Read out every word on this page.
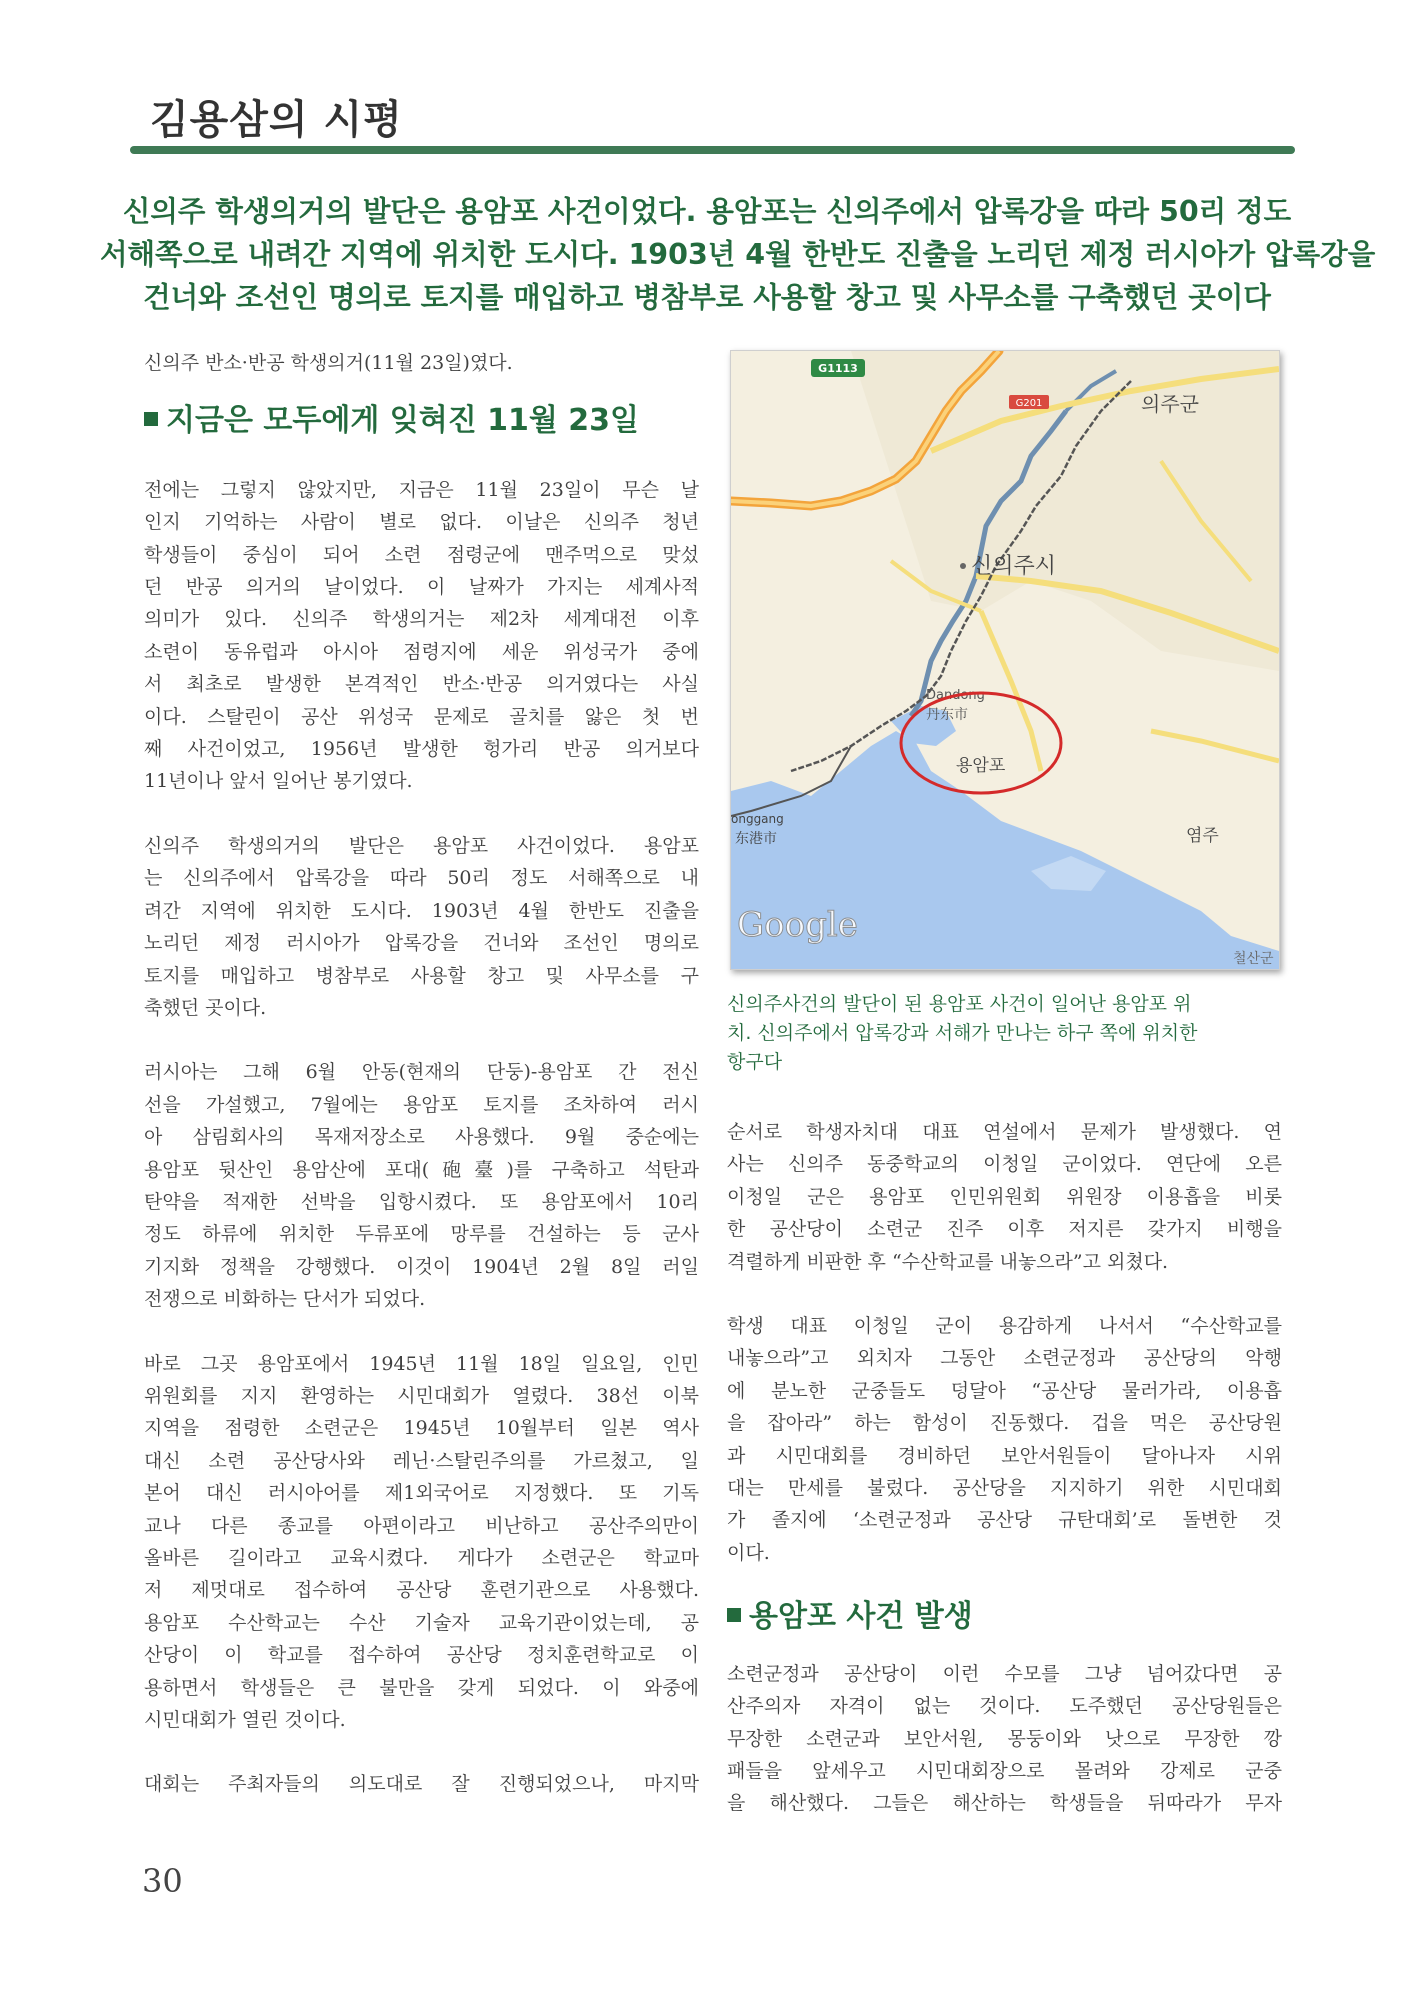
김용삼의 시평
신의주 학생의거의 발단은 용암포 사건이었다. 용암포는 신의주에서 압록강을 따라 50리 정도
서해쪽으로 내려간 지역에 위치한 도시다. 1903년 4월 한반도 진출을 노리던 제정 러시아가 압록강을
건너와 조선인 명의로 토지를 매입하고 병참부로 사용할 창고 및 사무소를 구축했던 곳이다

신의주 반소·반공 학생의거(11월 23일)였다.

지금은 모두에게 잊혀진 11월 23일

전에는 그렇지 않았지만, 지금은 11월 23일이 무슨 날
인지 기억하는 사람이 별로 없다. 이날은 신의주 청년
학생들이 중심이 되어 소련 점령군에 맨주먹으로 맞섰
던 반공 의거의 날이었다. 이 날짜가 가지는 세계사적
의미가 있다. 신의주 학생의거는 제2차 세계대전 이후
소련이 동유럽과 아시아 점령지에 세운 위성국가 중에
서 최초로 발생한 본격적인 반소·반공 의거였다는 사실
이다. 스탈린이 공산 위성국 문제로 골치를 앓은 첫 번
째 사건이었고, 1956년 발생한 헝가리 반공 의거보다
11년이나 앞서 일어난 봉기였다.

신의주 학생의거의 발단은 용암포 사건이었다. 용암포
는 신의주에서 압록강을 따라 50리 정도 서해쪽으로 내
려간 지역에 위치한 도시다. 1903년 4월 한반도 진출을
노리던 제정 러시아가 압록강을 건너와 조선인 명의로
토지를 매입하고 병참부로 사용할 창고 및 사무소를 구
축했던 곳이다.

러시아는 그해 6월 안동(현재의 단둥)-용암포 간 전신
선을 가설했고, 7월에는 용암포 토지를 조차하여 러시
아 삼림회사의 목재저장소로 사용했다. 9월 중순에는
용암포 뒷산인 용암산에 포대(砲臺)를 구축하고 석탄과
탄약을 적재한 선박을 입항시켰다. 또 용암포에서 10리
정도 하류에 위치한 두류포에 망루를 건설하는 등 군사
기지화 정책을 강행했다. 이것이 1904년 2월 8일 러일
전쟁으로 비화하는 단서가 되었다.

바로 그곳 용암포에서 1945년 11월 18일 일요일, 인민
위원회를 지지 환영하는 시민대회가 열렸다. 38선 이북
지역을 점령한 소련군은 1945년 10월부터 일본 역사
대신 소련 공산당사와 레닌·스탈린주의를 가르쳤고, 일
본어 대신 러시아어를 제1외국어로 지정했다. 또 기독
교나 다른 종교를 아편이라고 비난하고 공산주의만이
올바른 길이라고 교육시켰다. 게다가 소련군은 학교마
저 제멋대로 접수하여 공산당 훈련기관으로 사용했다.
용암포 수산학교는 수산 기술자 교육기관이었는데, 공
산당이 이 학교를 접수하여 공산당 정치훈련학교로 이
용하면서 학생들은 큰 불만을 갖게 되었다. 이 와중에
시민대회가 열린 것이다.

대회는 주최자들의 의도대로 잘 진행되었으나, 마지막

G1113
G201	의주군
신의주시
Dandong
丹东市
용암포
onggang
东港市	염주
철산군
Google
신의주사건의 발단이 된 용암포 사건이 일어난 용암포 위
치. 신의주에서 압록강과 서해가 만나는 하구 쪽에 위치한
항구다

순서로 학생자치대 대표 연설에서 문제가 발생했다. 연
사는 신의주 동중학교의 이청일 군이었다. 연단에 오른
이청일 군은 용암포 인민위원회 위원장 이용흡을 비롯
한 공산당이 소련군 진주 이후 저지른 갖가지 비행을
격렬하게 비판한 후 “수산학교를 내놓으라”고 외쳤다.

학생 대표 이청일 군이 용감하게 나서서 “수산학교를
내놓으라”고 외치자 그동안 소련군정과 공산당의 악행
에 분노한 군중들도 덩달아 “공산당 물러가라, 이용흡
을 잡아라” 하는 함성이 진동했다. 겁을 먹은 공산당원
과 시민대회를 경비하던 보안서원들이 달아나자 시위
대는 만세를 불렀다. 공산당을 지지하기 위한 시민대회
가 졸지에 ‘소련군정과 공산당 규탄대회’로 돌변한 것
이다.

용암포 사건 발생

소련군정과 공산당이 이런 수모를 그냥 넘어갔다면 공
산주의자 자격이 없는 것이다. 도주했던 공산당원들은
무장한 소련군과 보안서원, 몽둥이와 낫으로 무장한 깡
패들을 앞세우고 시민대회장으로 몰려와 강제로 군중
을 해산했다. 그들은 해산하는 학생들을 뒤따라가 무자

30
